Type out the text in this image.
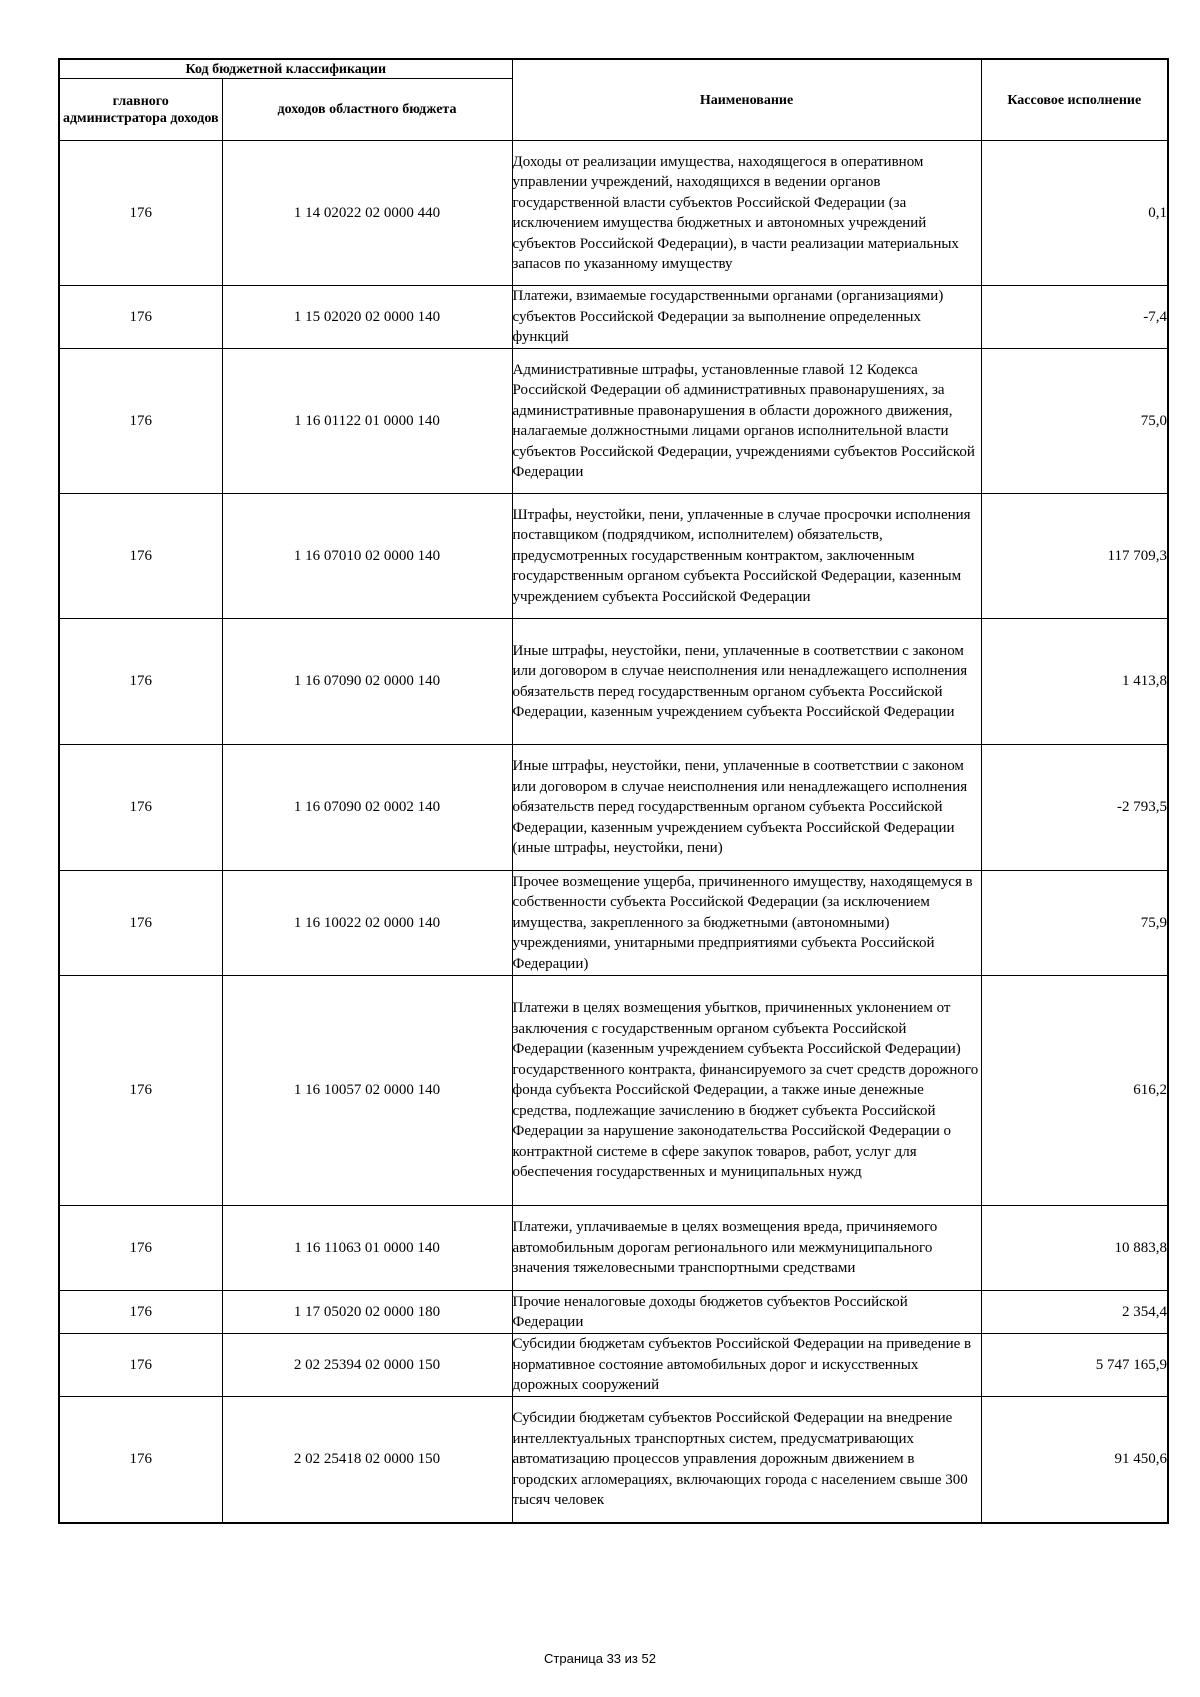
Код бюджетной классификации		Наименование	Кассовое исполнение
главного администратора доходов	доходов областного бюджета		
176	1 14 02022 02 0000 440	Доходы от реализации имущества, находящегося в оперативном управлении учреждений, находящихся в ведении органов государственной власти субъектов Российской Федерации (за исключением имущества бюджетных и автономных учреждений субъектов Российской Федерации), в части реализации материальных запасов по указанному имуществу	0,1
176	1 15 02020 02 0000 140	Платежи, взимаемые государственными органами (организациями) субъектов Российской Федерации за выполнение определенных функций	-7,4
176	1 16 01122 01 0000 140	Административные штрафы, установленные главой 12 Кодекса Российской Федерации об административных правонарушениях, за административные правонарушения в области дорожного движения, налагаемые должностными лицами органов исполнительной власти субъектов Российской Федерации, учреждениями субъектов Российской Федерации	75,0
176	1 16 07010 02 0000 140	Штрафы, неустойки, пени, уплаченные в случае просрочки исполнения поставщиком (подрядчиком, исполнителем) обязательств, предусмотренных государственным контрактом, заключенным государственным органом субъекта Российской Федерации, казенным учреждением субъекта Российской Федерации	117 709,3
176	1 16 07090 02 0000 140	Иные штрафы, неустойки, пени, уплаченные в соответствии с законом или договором в случае неисполнения или ненадлежащего исполнения обязательств перед государственным органом субъекта Российской Федерации, казенным учреждением субъекта Российской Федерации	1 413,8
176	1 16 07090 02 0002 140	Иные штрафы, неустойки, пени, уплаченные в соответствии с законом или договором в случае неисполнения или ненадлежащего исполнения обязательств перед государственным органом субъекта Российской Федерации, казенным учреждением субъекта Российской Федерации (иные штрафы, неустойки, пени)	-2 793,5
176	1 16 10022 02 0000 140	Прочее возмещение ущерба, причиненного имуществу, находящемуся в собственности субъекта Российской Федерации (за исключением имущества, закрепленного за бюджетными (автономными) учреждениями, унитарными предприятиями субъекта Российской Федерации)	75,9
176	1 16 10057 02 0000 140	Платежи в целях возмещения убытков, причиненных уклонением от заключения с государственным органом субъекта Российской Федерации (казенным учреждением субъекта Российской Федерации) государственного контракта, финансируемого за счет средств дорожного фонда субъекта Российской Федерации, а также иные денежные средства, подлежащие зачислению в бюджет субъекта Российской Федерации за нарушение законодательства Российской Федерации о контрактной системе в сфере закупок товаров, работ, услуг для обеспечения государственных и муниципальных нужд	616,2
176	1 16 11063 01 0000 140	Платежи, уплачиваемые в целях возмещения вреда, причиняемого автомобильным дорогам регионального или межмуниципального значения тяжеловесными транспортными средствами	10 883,8
176	1 17 05020 02 0000 180	Прочие неналоговые доходы бюджетов субъектов Российской Федерации	2 354,4
176	2 02 25394 02 0000 150	Субсидии бюджетам субъектов Российской Федерации на приведение в нормативное состояние автомобильных дорог и искусственных дорожных сооружений	5 747 165,9
176	2 02 25418 02 0000 150	Субсидии бюджетам субъектов Российской Федерации на внедрение интеллектуальных транспортных систем, предусматривающих автоматизацию процессов управления дорожным движением в городских агломерациях, включающих города с населением свыше 300 тысяч человек	91 450,6
Страница 33 из 52
